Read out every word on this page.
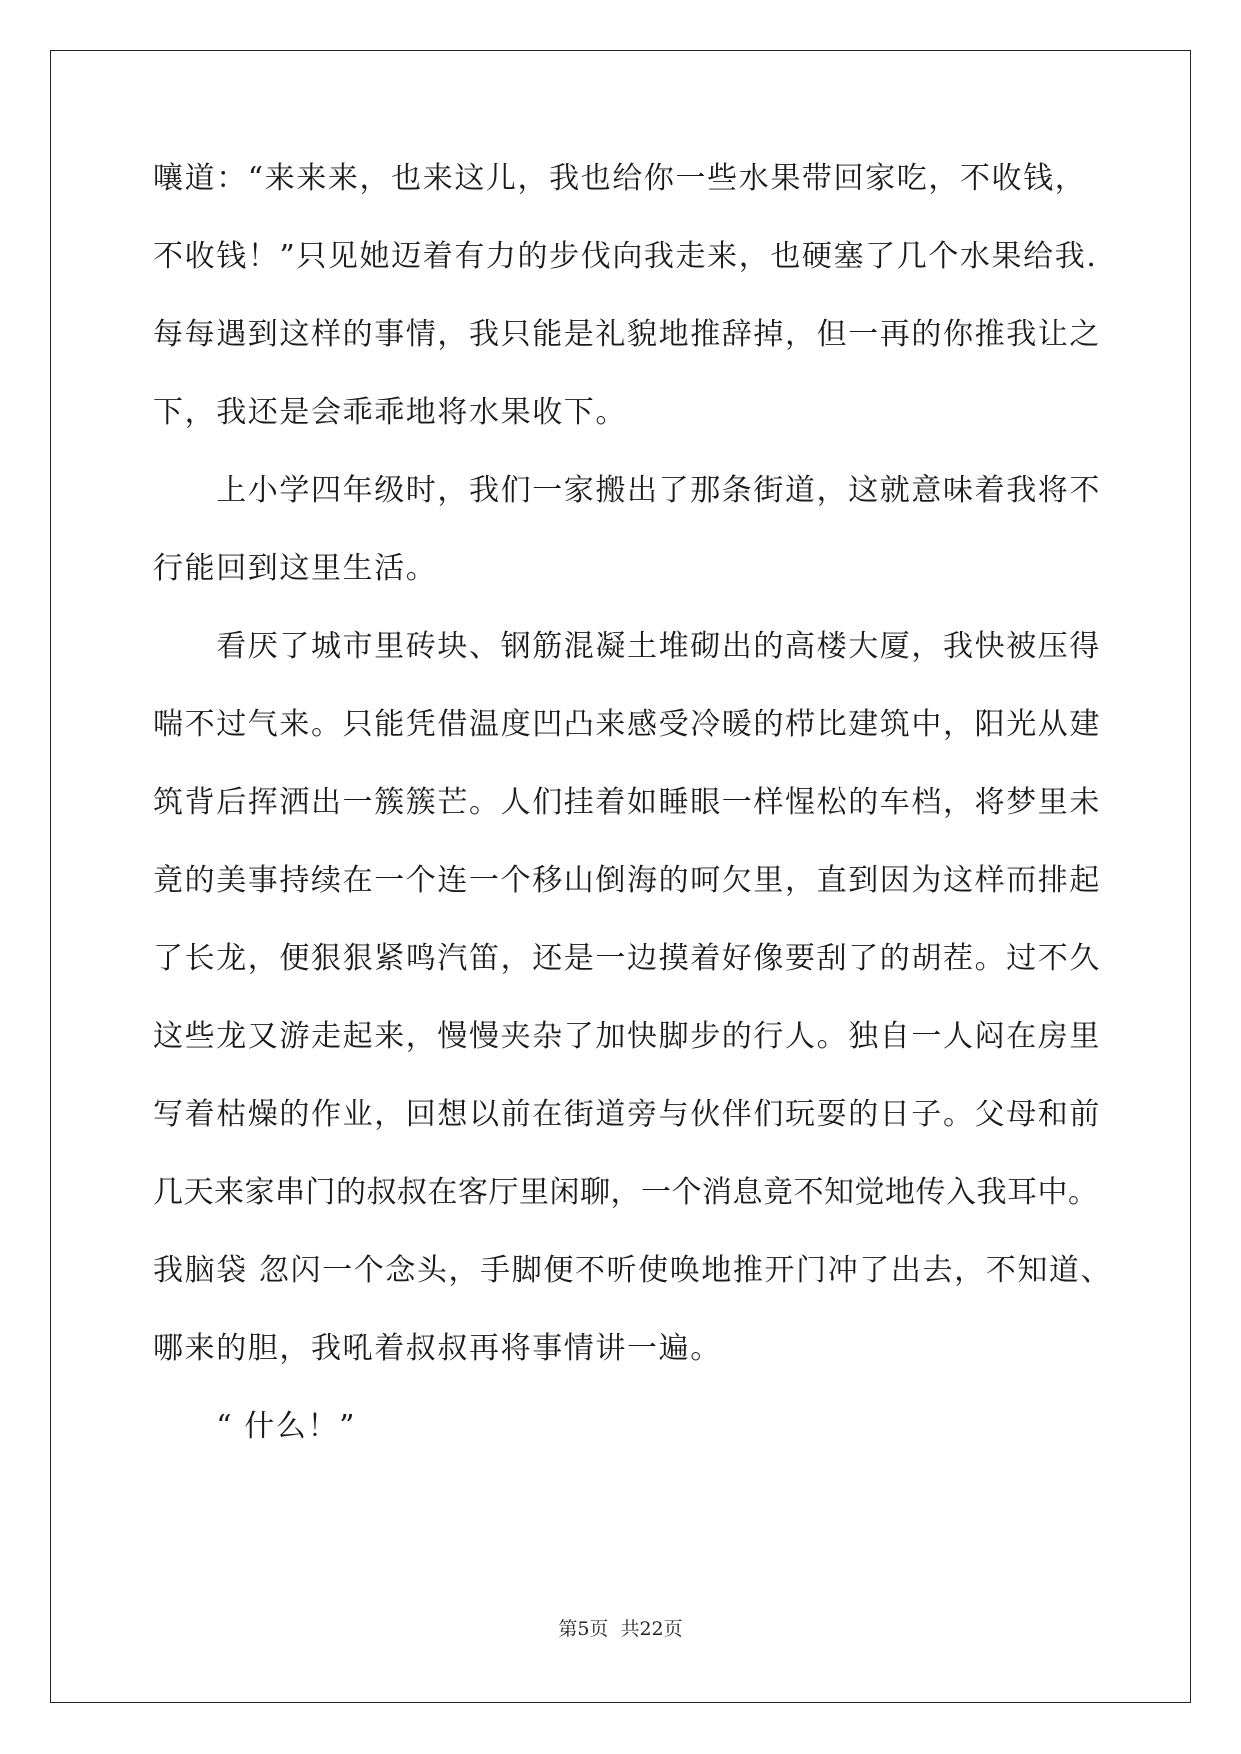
嚷道：“来来来，也来这儿，我也给你一些水果带回家吃，不收钱，
不收钱！”只见她迈着有力的步伐向我走来，也硬塞了几个水果给我.
每每遇到这样的事情，我只能是礼貌地推辞掉，但一再的你推我让之
下，我还是会乖乖地将水果收下。
　　上小学四年级时，我们一家搬出了那条街道，这就意味着我将不
行能回到这里生活。
　　看厌了城市里砖块、钢筋混凝土堆砌出的高楼大厦，我快被压得
喘不过气来。只能凭借温度凹凸来感受冷暖的栉比建筑中，阳光从建
筑背后挥洒出一簇簇芒。人们挂着如睡眼一样惺松的车档，将梦里未
竟的美事持续在一个连一个移山倒海的呵欠里，直到因为这样而排起
了长龙，便狠狠紧鸣汽笛，还是一边摸着好像要刮了的胡茬。过不久
这些龙又游走起来，慢慢夹杂了加快脚步的行人。独自一人闷在房里
写着枯燥的作业，回想以前在街道旁与伙伴们玩耍的日子。父母和前
几天来家串门的叔叔在客厅里闲聊，一个消息竟不知觉地传入我耳中。
我脑袋 忽闪一个念头，手脚便不听使唤地推开门冲了出去，不知道、
哪来的胆，我吼着叔叔再将事情讲一遍。
　　“ 什么！”
第5页 共22页
